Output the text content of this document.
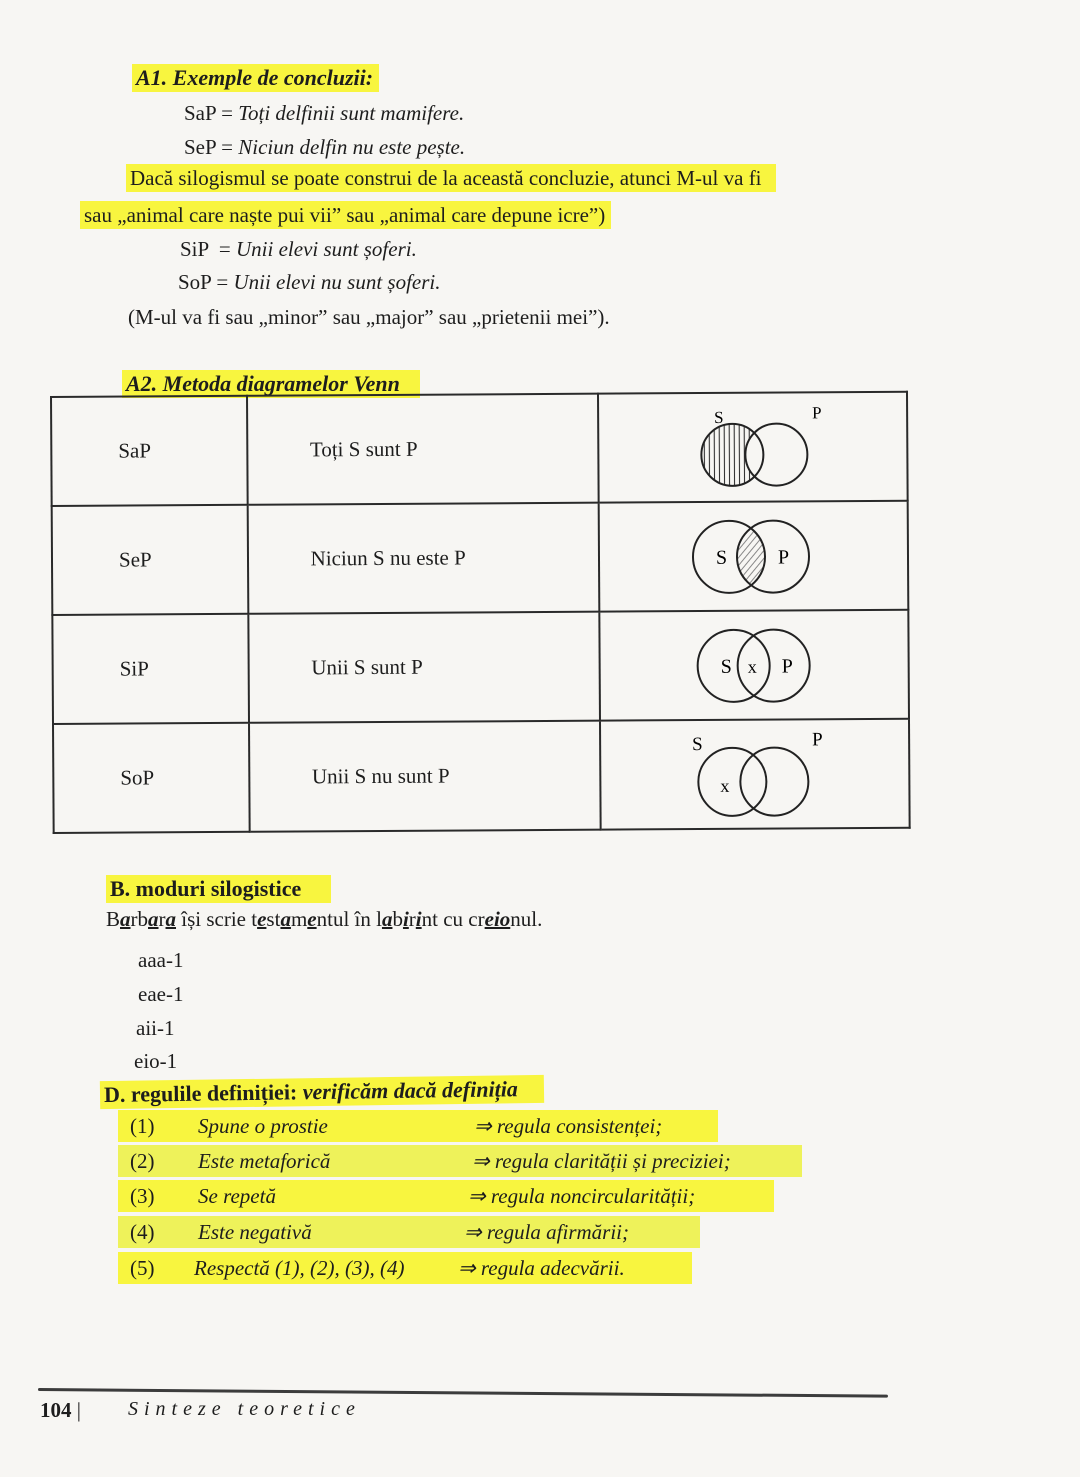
A1. Exemple de concluzii:
SaP = Toți delfinii sunt mamifere.
SeP = Niciun delfin nu este pește.
Dacă silogismul se poate construi de la această concluzie, atunci M-ul va fi
sau „animal care naște pui vii” sau „animal care depune icre”)
SiP  = Unii elevi sunt șoferi.
SoP = Unii elevi nu sunt șoferi.
(M-ul va fi sau „minor” sau „major” sau „prietenii mei”).
A2. Metoda diagramelor Venn
SaP	Toți S sunt P	S P

SeP	Niciun S nu este P	S P

SiP	Unii S sunt P	S x P

SoP	Unii S nu sunt P	S P
x
B. moduri silogistice
Barbara își scrie testamentul în labirint cu creionul.
aaa-1
eae-1
aii-1
eio-1
D. regulile definiției: verificăm dacă definiția
(1) Spune o prostie	⇒ regula consistenței;
(2) Este metaforică	⇒ regula clarității și preciziei;
(3) Se repetă	⇒ regula noncircularității;
(4) Este negativă	⇒ regula afirmării;
(5) Respectă (1), (2), (3), (4)	⇒ regula adecvării.
104 | Sinteze teoretice
